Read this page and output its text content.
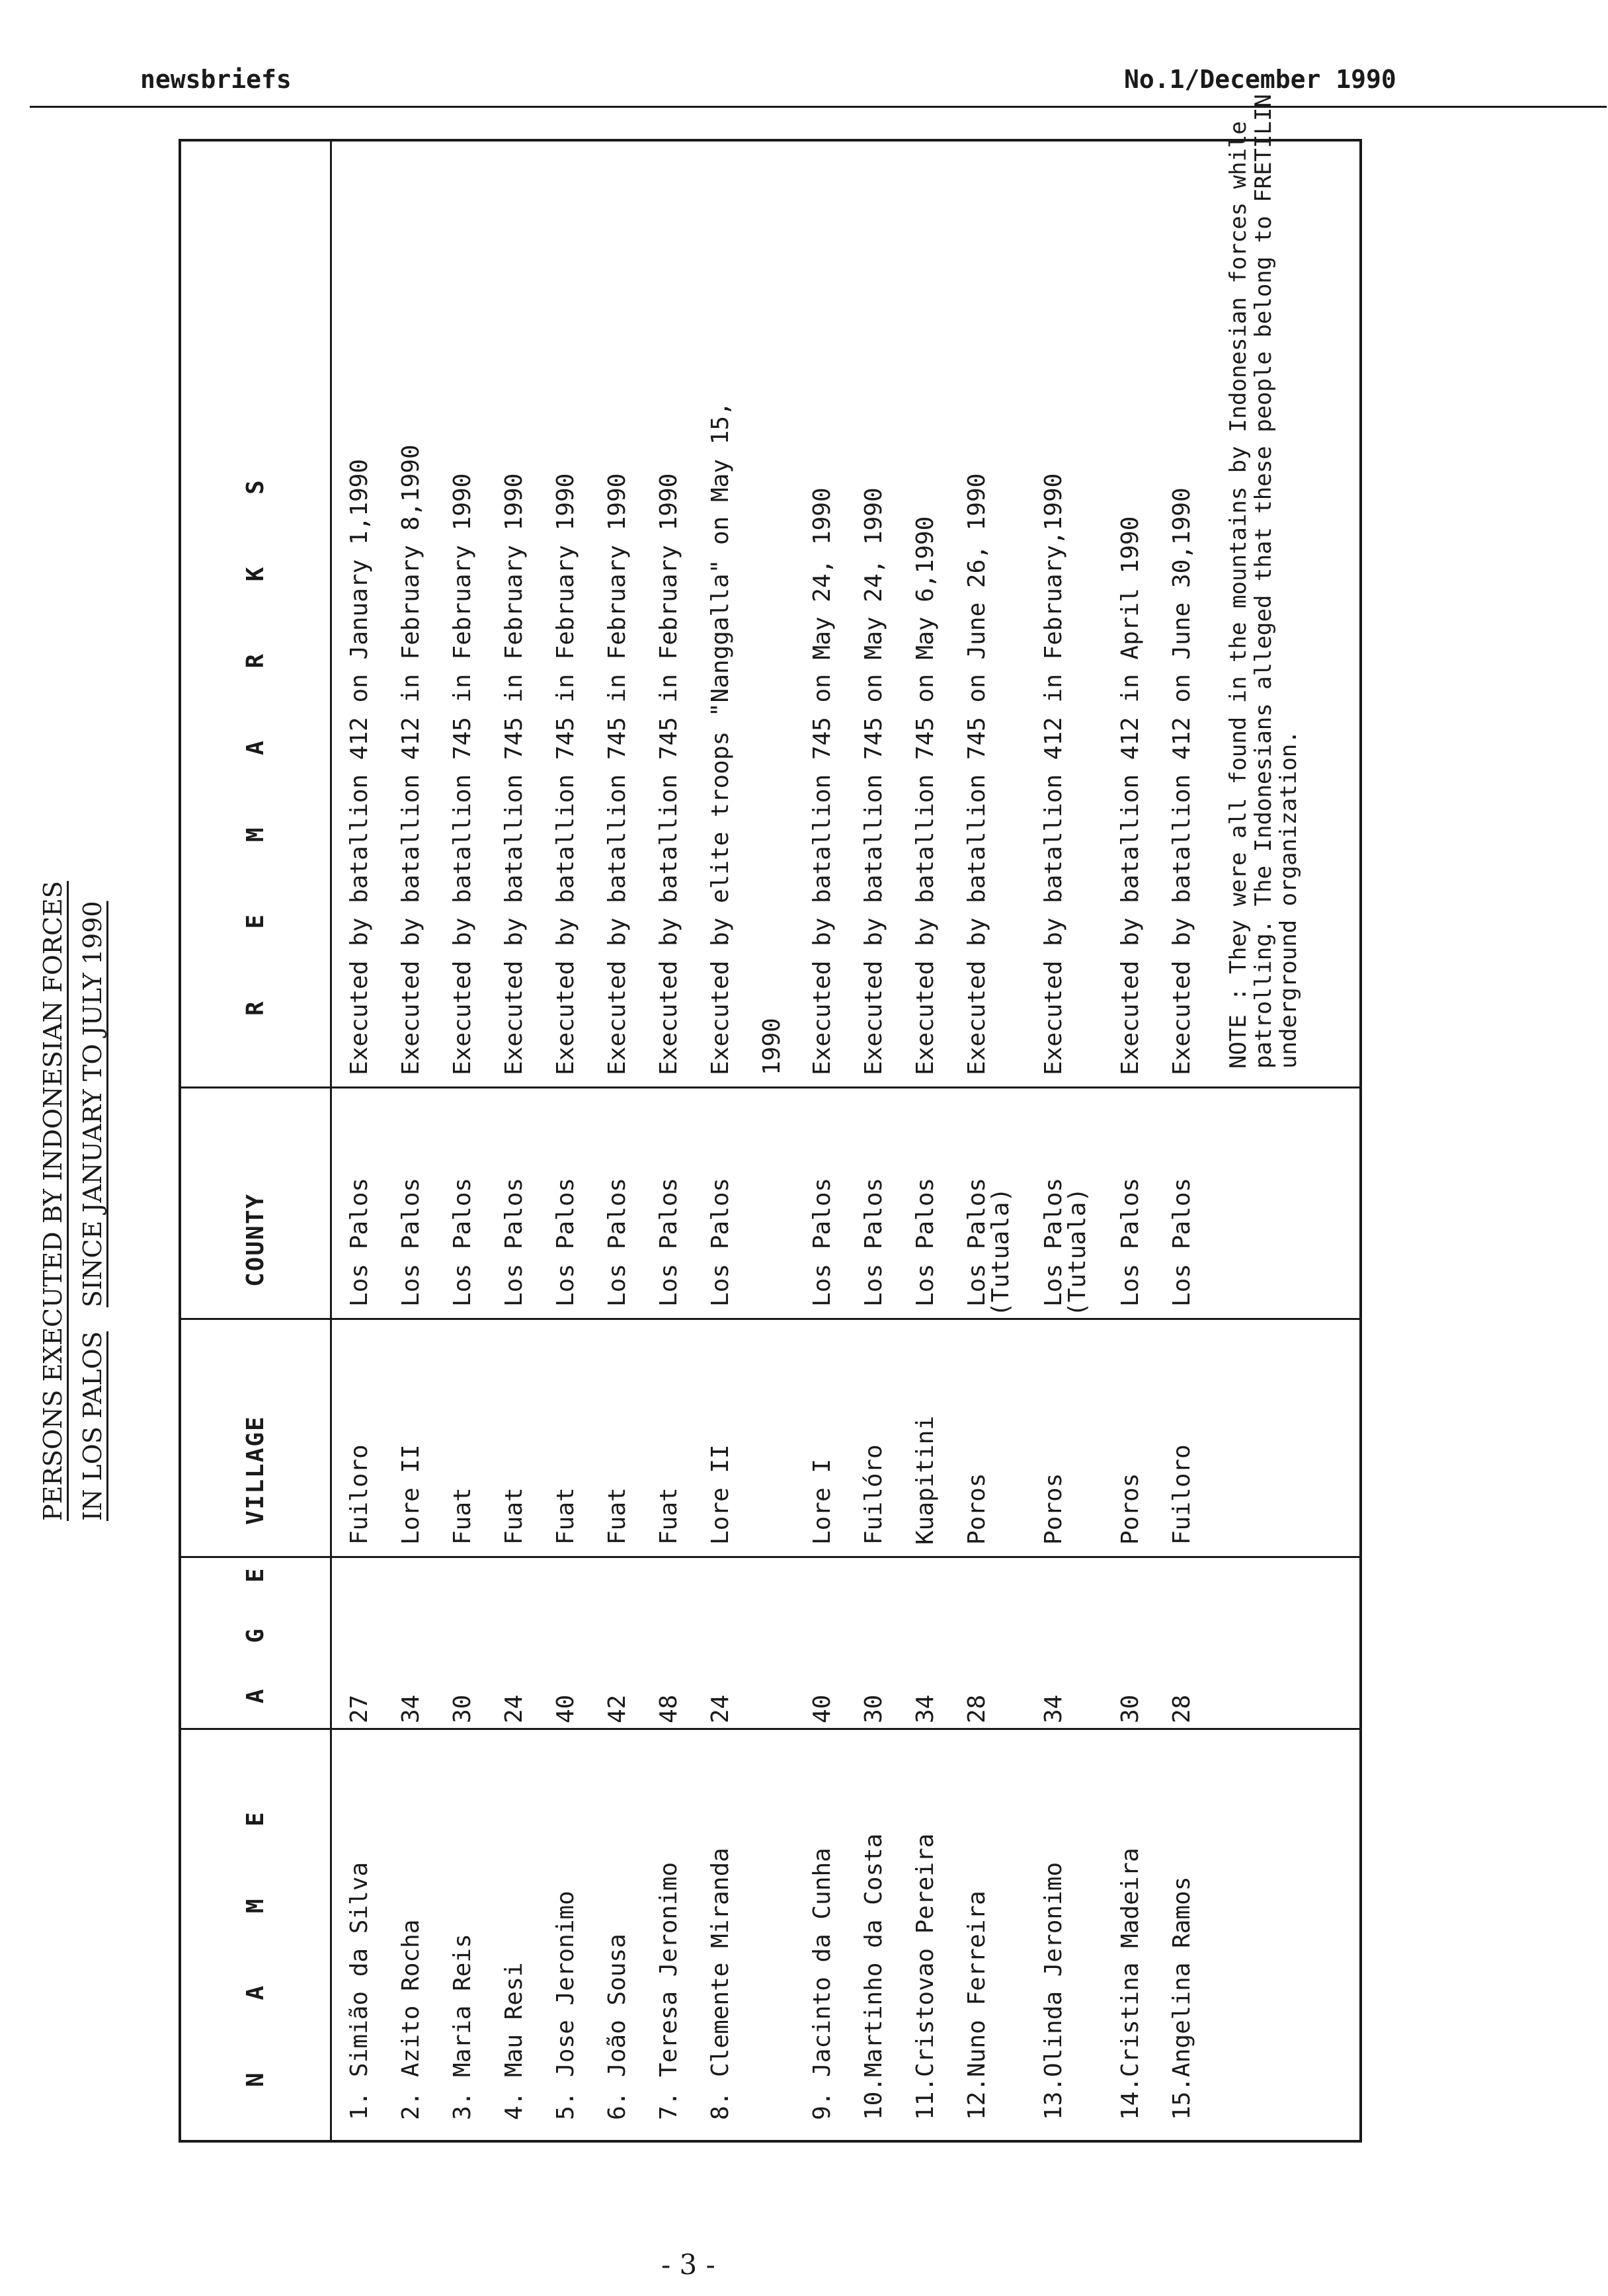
newsbriefs	No.1/December 1990
PERSONS EXECUTED BY INDONESIAN FORCES IN LOS PALOS   SINCE JANUARY TO JULY 1990
N A M E
A G E
VILLAGE
COUNTY
R E M A R K S
1. Simião da Silva
27
Fuiloro
Los Palos
Executed by batallion 412 on January 1,1990
2. Azito Rocha
34
Lore II
Los Palos
Executed by batallion 412 in February 8,1990
3. Maria Reis
30
Fuat
Los Palos
Executed by batallion 745 in February 1990
4. Mau Resi
24
Fuat
Los Palos
Executed by batallion 745 in February 1990
5. Jose Jeronimo
40
Fuat
Los Palos
Executed by batallion 745 in February 1990
6. João Sousa
42
Fuat
Los Palos
Executed by batallion 745 in February 1990
7. Teresa Jeronimo
48
Fuat
Los Palos
Executed by batallion 745 in February 1990
8. Clemente Miranda
24
Lore II
Los Palos
Executed by elite troops "Nanggalla" on May 15, 1990
9. Jacinto da Cunha
40
Lore I
Los Palos
Executed by batallion 745 on May 24, 1990
10.Martinho da Costa
30
Fuilóro
Los Palos
Executed by batallion 745 on May 24, 1990
11.Cristovao Pereira
34
Kuapitini
Los Palos
Executed by batallion 745 on May 6,1990
12.Nuno Ferreira
28
Poros
Los Palos
Executed by batallion 745 on June 26, 1990
(Tutuala)
13.Olinda Jeronimo
34
Poros
Los Palos
Executed by batallion 412 in February,1990
(Tutuala)
14.Cristina Madeira
30
Poros
Los Palos
Executed by batallion 412 in April 1990
15.Angelina Ramos
28
Fuiloro
Los Palos
Executed by batallion 412 on June 30,1990 NOTE : They were all found in the mountains by Indonesian forces while patrolling. The Indonesians alleged that these people belong to FRETILIN underground organization.
- 3 -
